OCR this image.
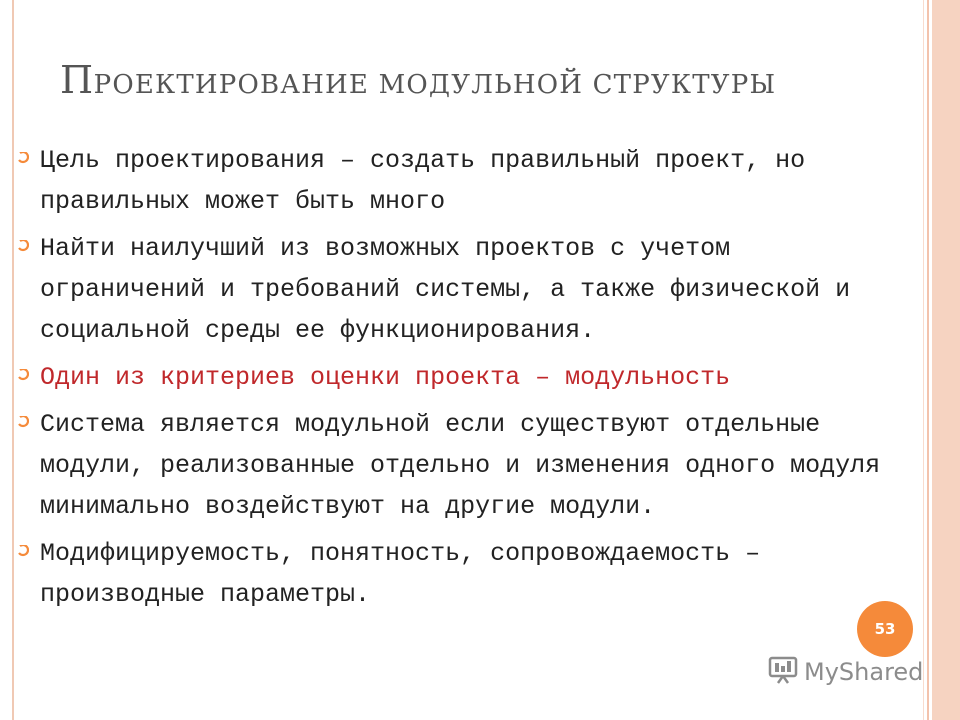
ПРОЕКТИРОВАНИЕ МОДУЛЬНОЙ СТРУКТУРЫ
Цель проектирования – создать правильный проект, но правильных может быть много
Найти наилучший из возможных проектов с учетом ограничений и требований системы, а также физической и социальной среды ее функционирования.
Один из критериев оценки проекта – модульность
Система является модульной если существуют отдельные модули, реализованные отдельно и изменения одного модуля минимально воздействуют на другие модули.
Модифицируемость, понятность, сопровождаемость – производные параметры.
53
MyShared
